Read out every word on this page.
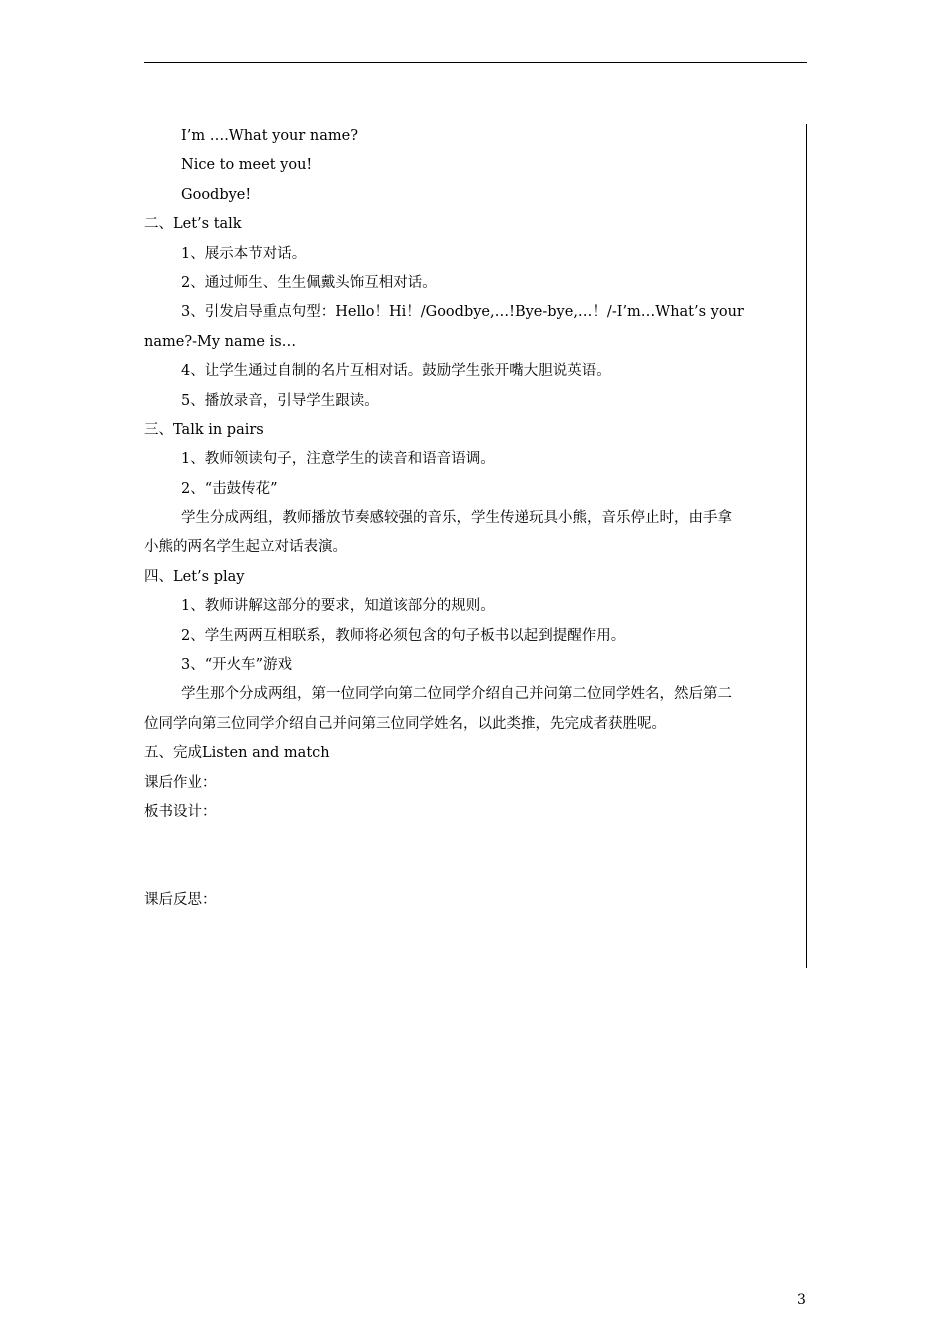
I’m ….What your name?
Nice to meet you!
Goodbye!
二、Let’s talk
1、展示本节对话。
2、通过师生、生生佩戴头饰互相对话。
3、引发启导重点句型：Hello！Hi！/Goodbye,…!Bye-bye,…！/-I’m…What’s your
name?-My name is…
4、让学生通过自制的名片互相对话。鼓励学生张开嘴大胆说英语。
5、播放录音，引导学生跟读。
三、Talk in pairs
1、教师领读句子，注意学生的读音和语音语调。
2、“击鼓传花”
学生分成两组，教师播放节奏感较强的音乐，学生传递玩具小熊，音乐停止时，由手拿
小熊的两名学生起立对话表演。
四、Let’s play
1、教师讲解这部分的要求，知道该部分的规则。
2、学生两两互相联系，教师将必须包含的句子板书以起到提醒作用。
3、“开火车”游戏
学生那个分成两组，第一位同学向第二位同学介绍自己并问第二位同学姓名，然后第二
位同学向第三位同学介绍自己并问第三位同学姓名，以此类推，先完成者获胜呢。
五、完成Listen and match
课后作业：
板书设计：
课后反思：
3
